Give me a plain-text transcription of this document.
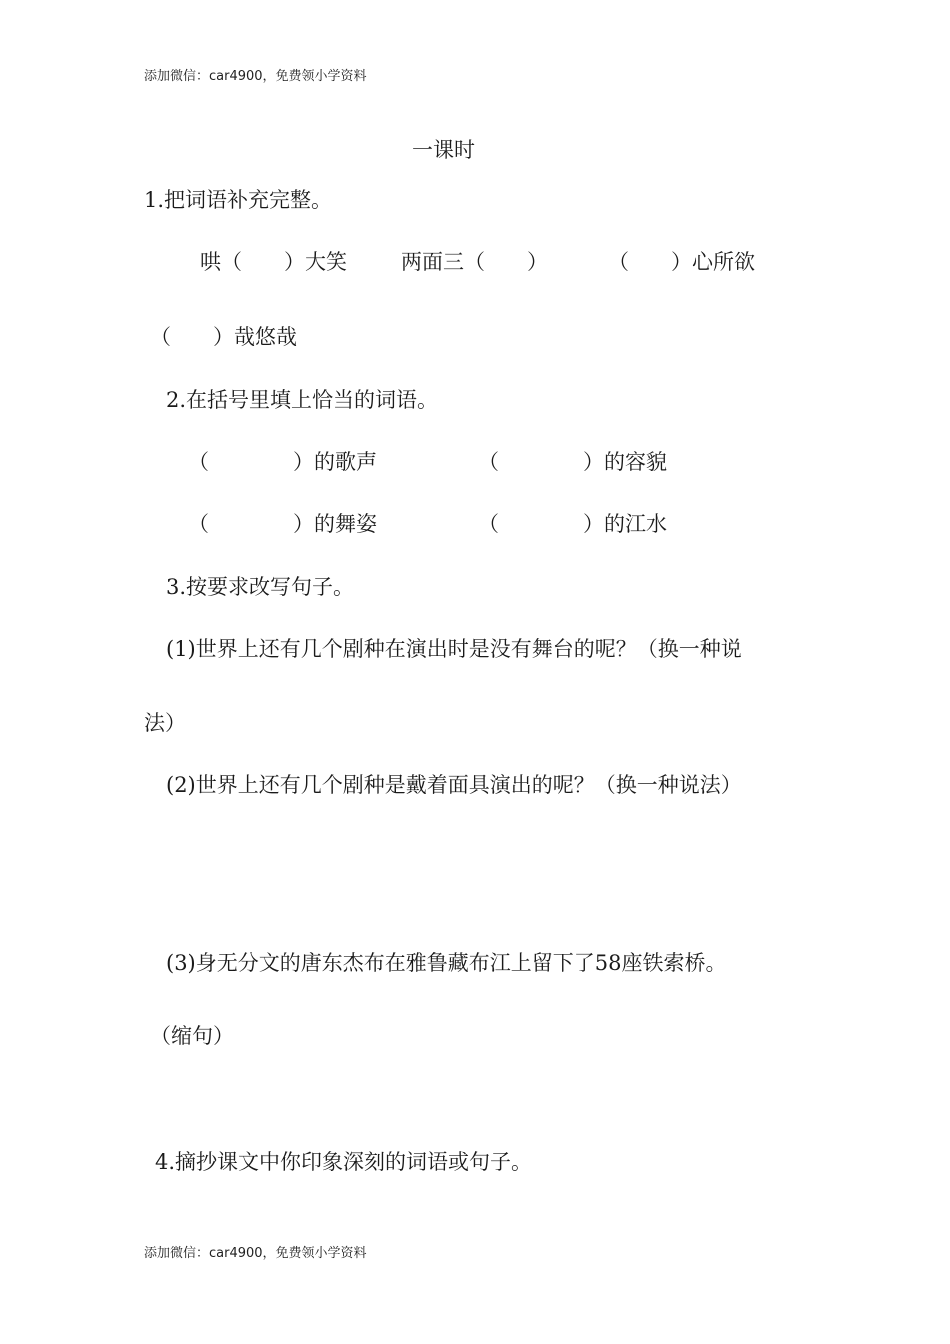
添加微信：car4900，免费领小学资料
一课时
1.把词语补充完整。
哄（　　）大笑	两面三（　　）	（　　）心所欲
（　　）哉悠哉
2.在括号里填上恰当的词语。
（　　　　）的歌声	（　　　　）的容貌
（　　　　）的舞姿	（　　　　）的江水
3.按要求改写句子。
(1)世界上还有几个剧种在演出时是没有舞台的呢？（换一种说
法）
(2)世界上还有几个剧种是戴着面具演出的呢？（换一种说法）
(3)身无分文的唐东杰布在雅鲁藏布江上留下了58座铁索桥。
（缩句）
4.摘抄课文中你印象深刻的词语或句子。
添加微信：car4900，免费领小学资料
